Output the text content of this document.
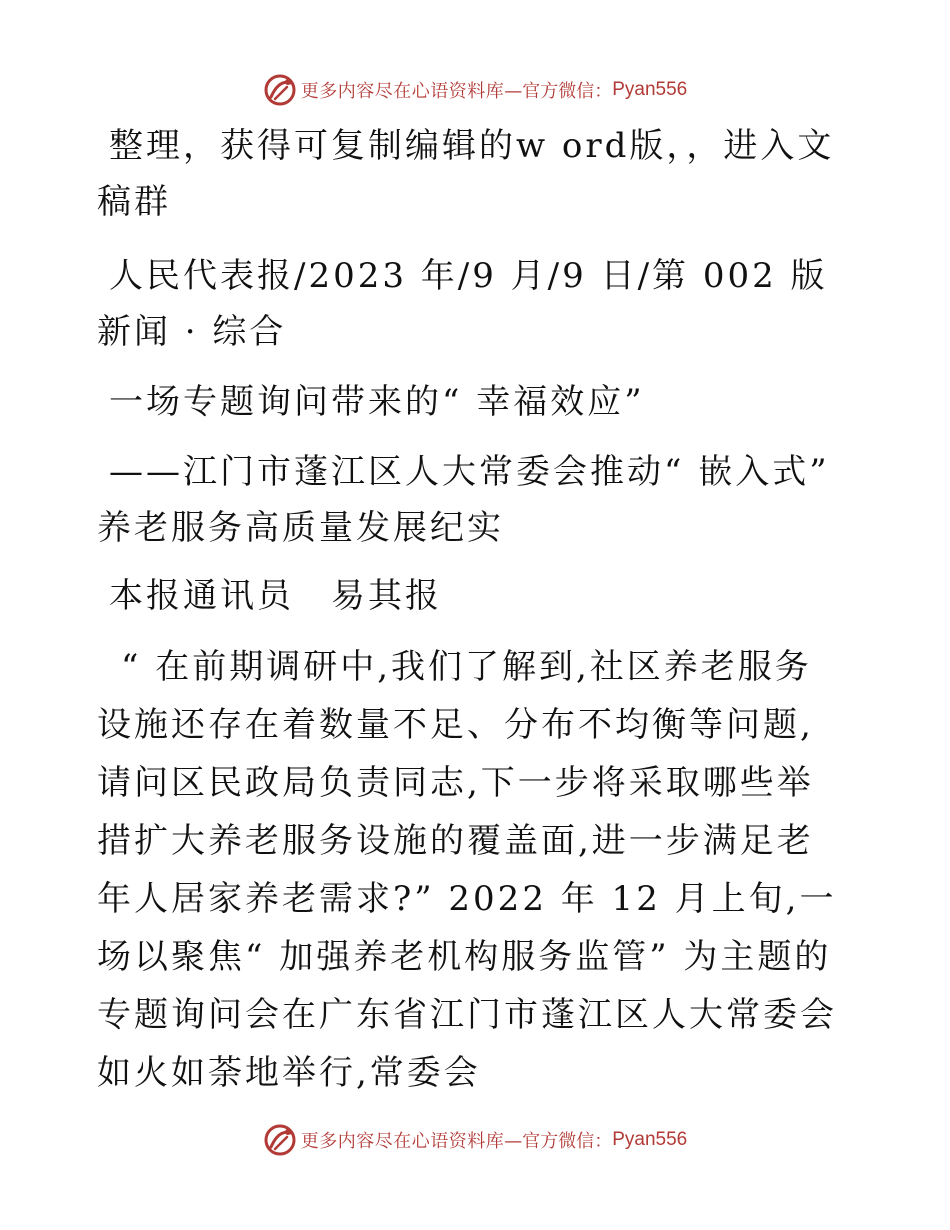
更多内容尽在心语资料库 —官方微信： Pyan556

整理，获得可复制编辑的w ord版，，进入文稿群

人民代表报/2023 年/9 月/9 日/第 002 版新闻 · 综合

一场专题询问带来的“ 幸福效应”

——江门市蓬江区人大常委会推动“ 嵌入式” 养老服务高质量发展纪实

本报通讯员　易其报

“ 在前期调研中,我们了解到,社区养老服务设施还存在着数量不足、分布不均衡等问题,请问区民政局负责同志,下一步将采取哪些举措扩大养老服务设施的覆盖面,进一步满足老年人居家养老需求?” 2022 年 12 月上旬,一场以聚焦“ 加强养老机构服务监管” 为主题的专题询问会在广东省江门市蓬江区人大常委会如火如荼地举行,常委会

更多内容尽在心语资料库 —官方微信： Pyan556
